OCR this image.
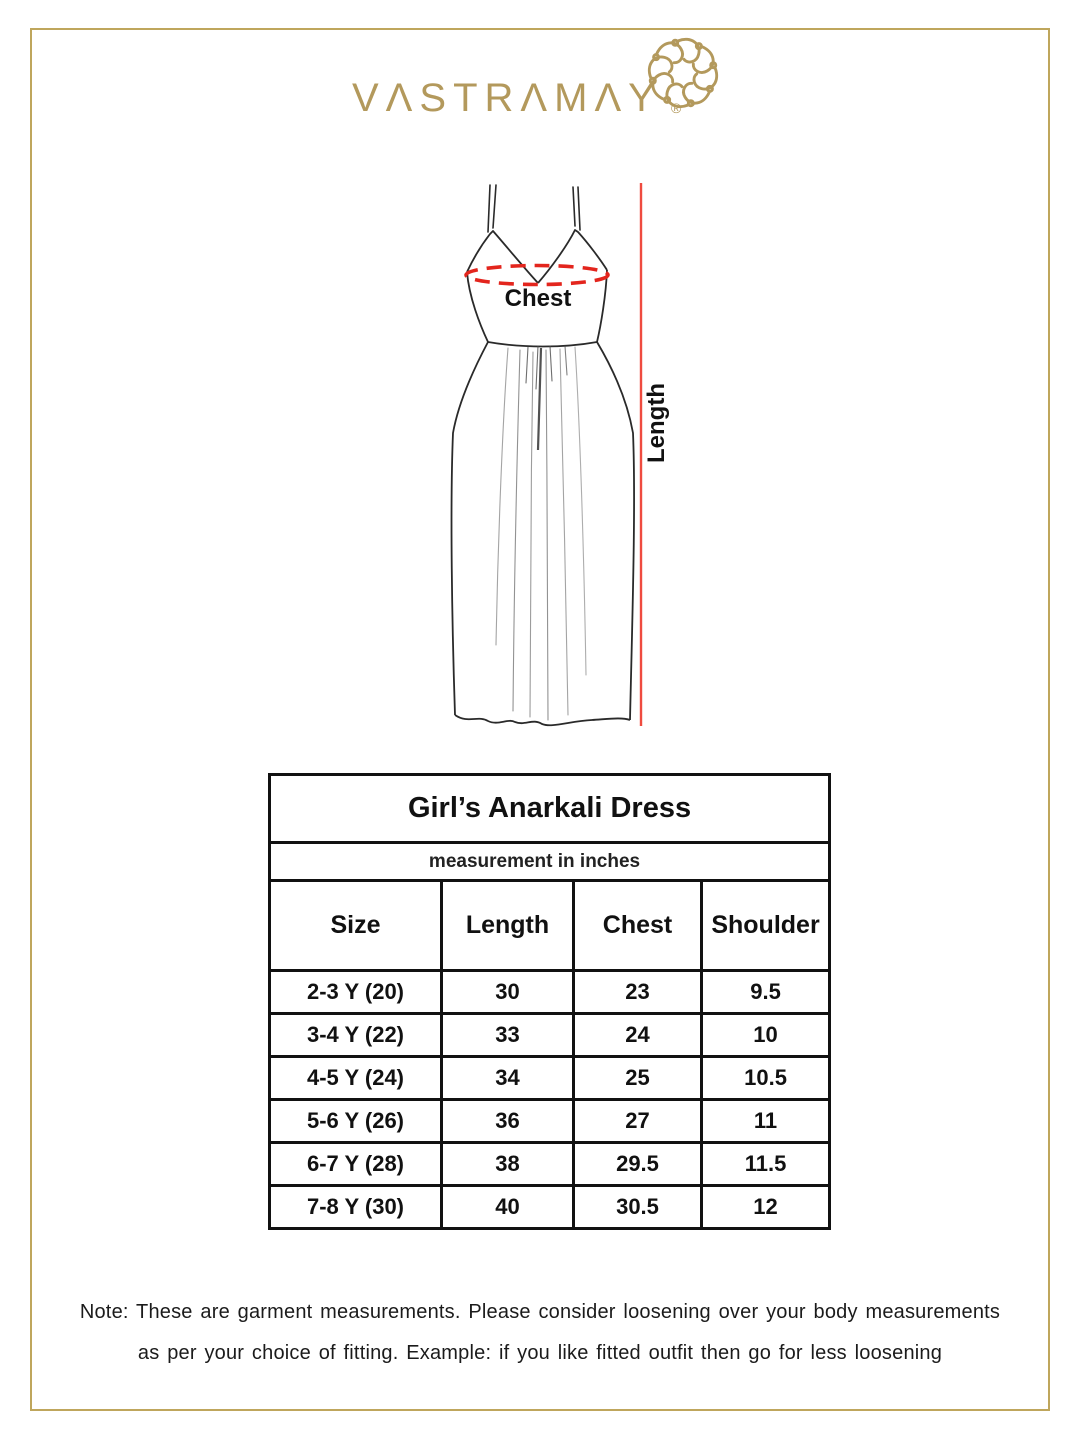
VΛSTRΛMΛY ®
Chest
Length
Girl’s Anarkali Dress			
measurement in inches			
Size	Length	Chest	Shoulder
2-3 Y (20)	30	23	9.5
3-4 Y (22)	33	24	10
4-5 Y (24)	34	25	10.5
5-6 Y (26)	36	27	11
6-7 Y (28)	38	29.5	11.5
7-8 Y (30)	40	30.5	12
Note: These are garment measurements. Please consider loosening over your body measurements
as per your choice of fitting. Example: if you like fitted outfit then go for less loosening
